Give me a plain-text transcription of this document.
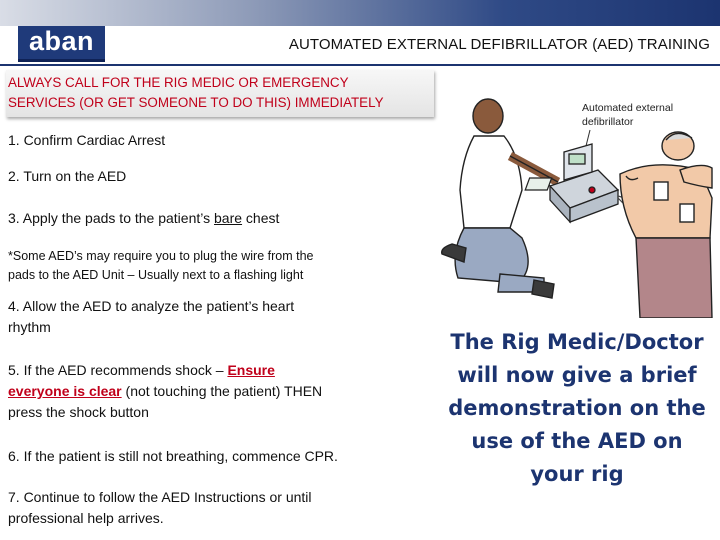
aban	AUTOMATED EXTERNAL DEFIBRILLATOR (AED) TRAINING
ALWAYS CALL FOR THE RIG MEDIC OR EMERGENCY
SERVICES (OR GET SOMEONE TO DO THIS) IMMEDIATELY
1. Confirm Cardiac Arrest
2. Turn on the AED
3. Apply the pads to the patient’s bare chest
*Some AED’s may require you to plug the wire from the
pads to the AED Unit – Usually next to a flashing light
4. Allow the AED to analyze the patient’s heart
rhythm
5. If the AED recommends shock – Ensure
everyone is clear (not touching the patient) THEN
press the shock button
6. If the patient is still not breathing, commence CPR.
7. Continue to follow the AED Instructions or until
professional help arrives.
Automated external
defibrillator
The Rig Medic/Doctor
will now give a brief
demonstration on the
use of the AED on
your rig
